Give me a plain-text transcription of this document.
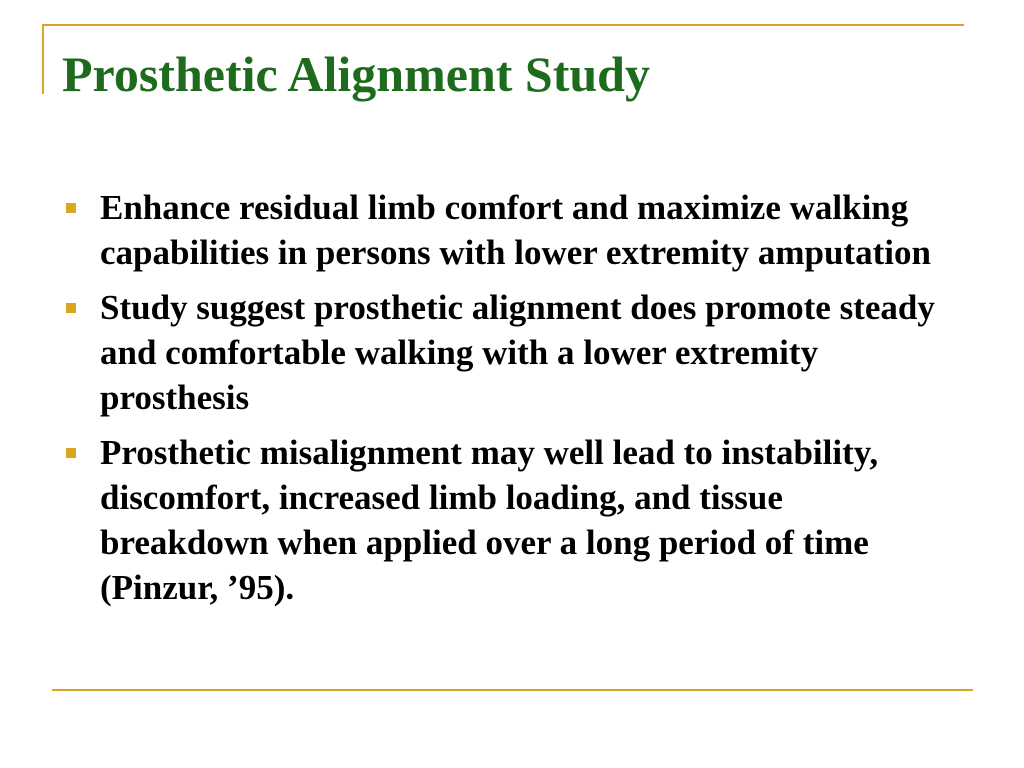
Prosthetic Alignment Study
Enhance residual limb comfort and maximize walking capabilities in persons with lower extremity amputation
Study suggest prosthetic alignment does promote steady and comfortable walking with a lower extremity prosthesis
Prosthetic misalignment may well lead to instability, discomfort, increased limb loading, and tissue breakdown when applied over a long period of time (Pinzur, ’95).
